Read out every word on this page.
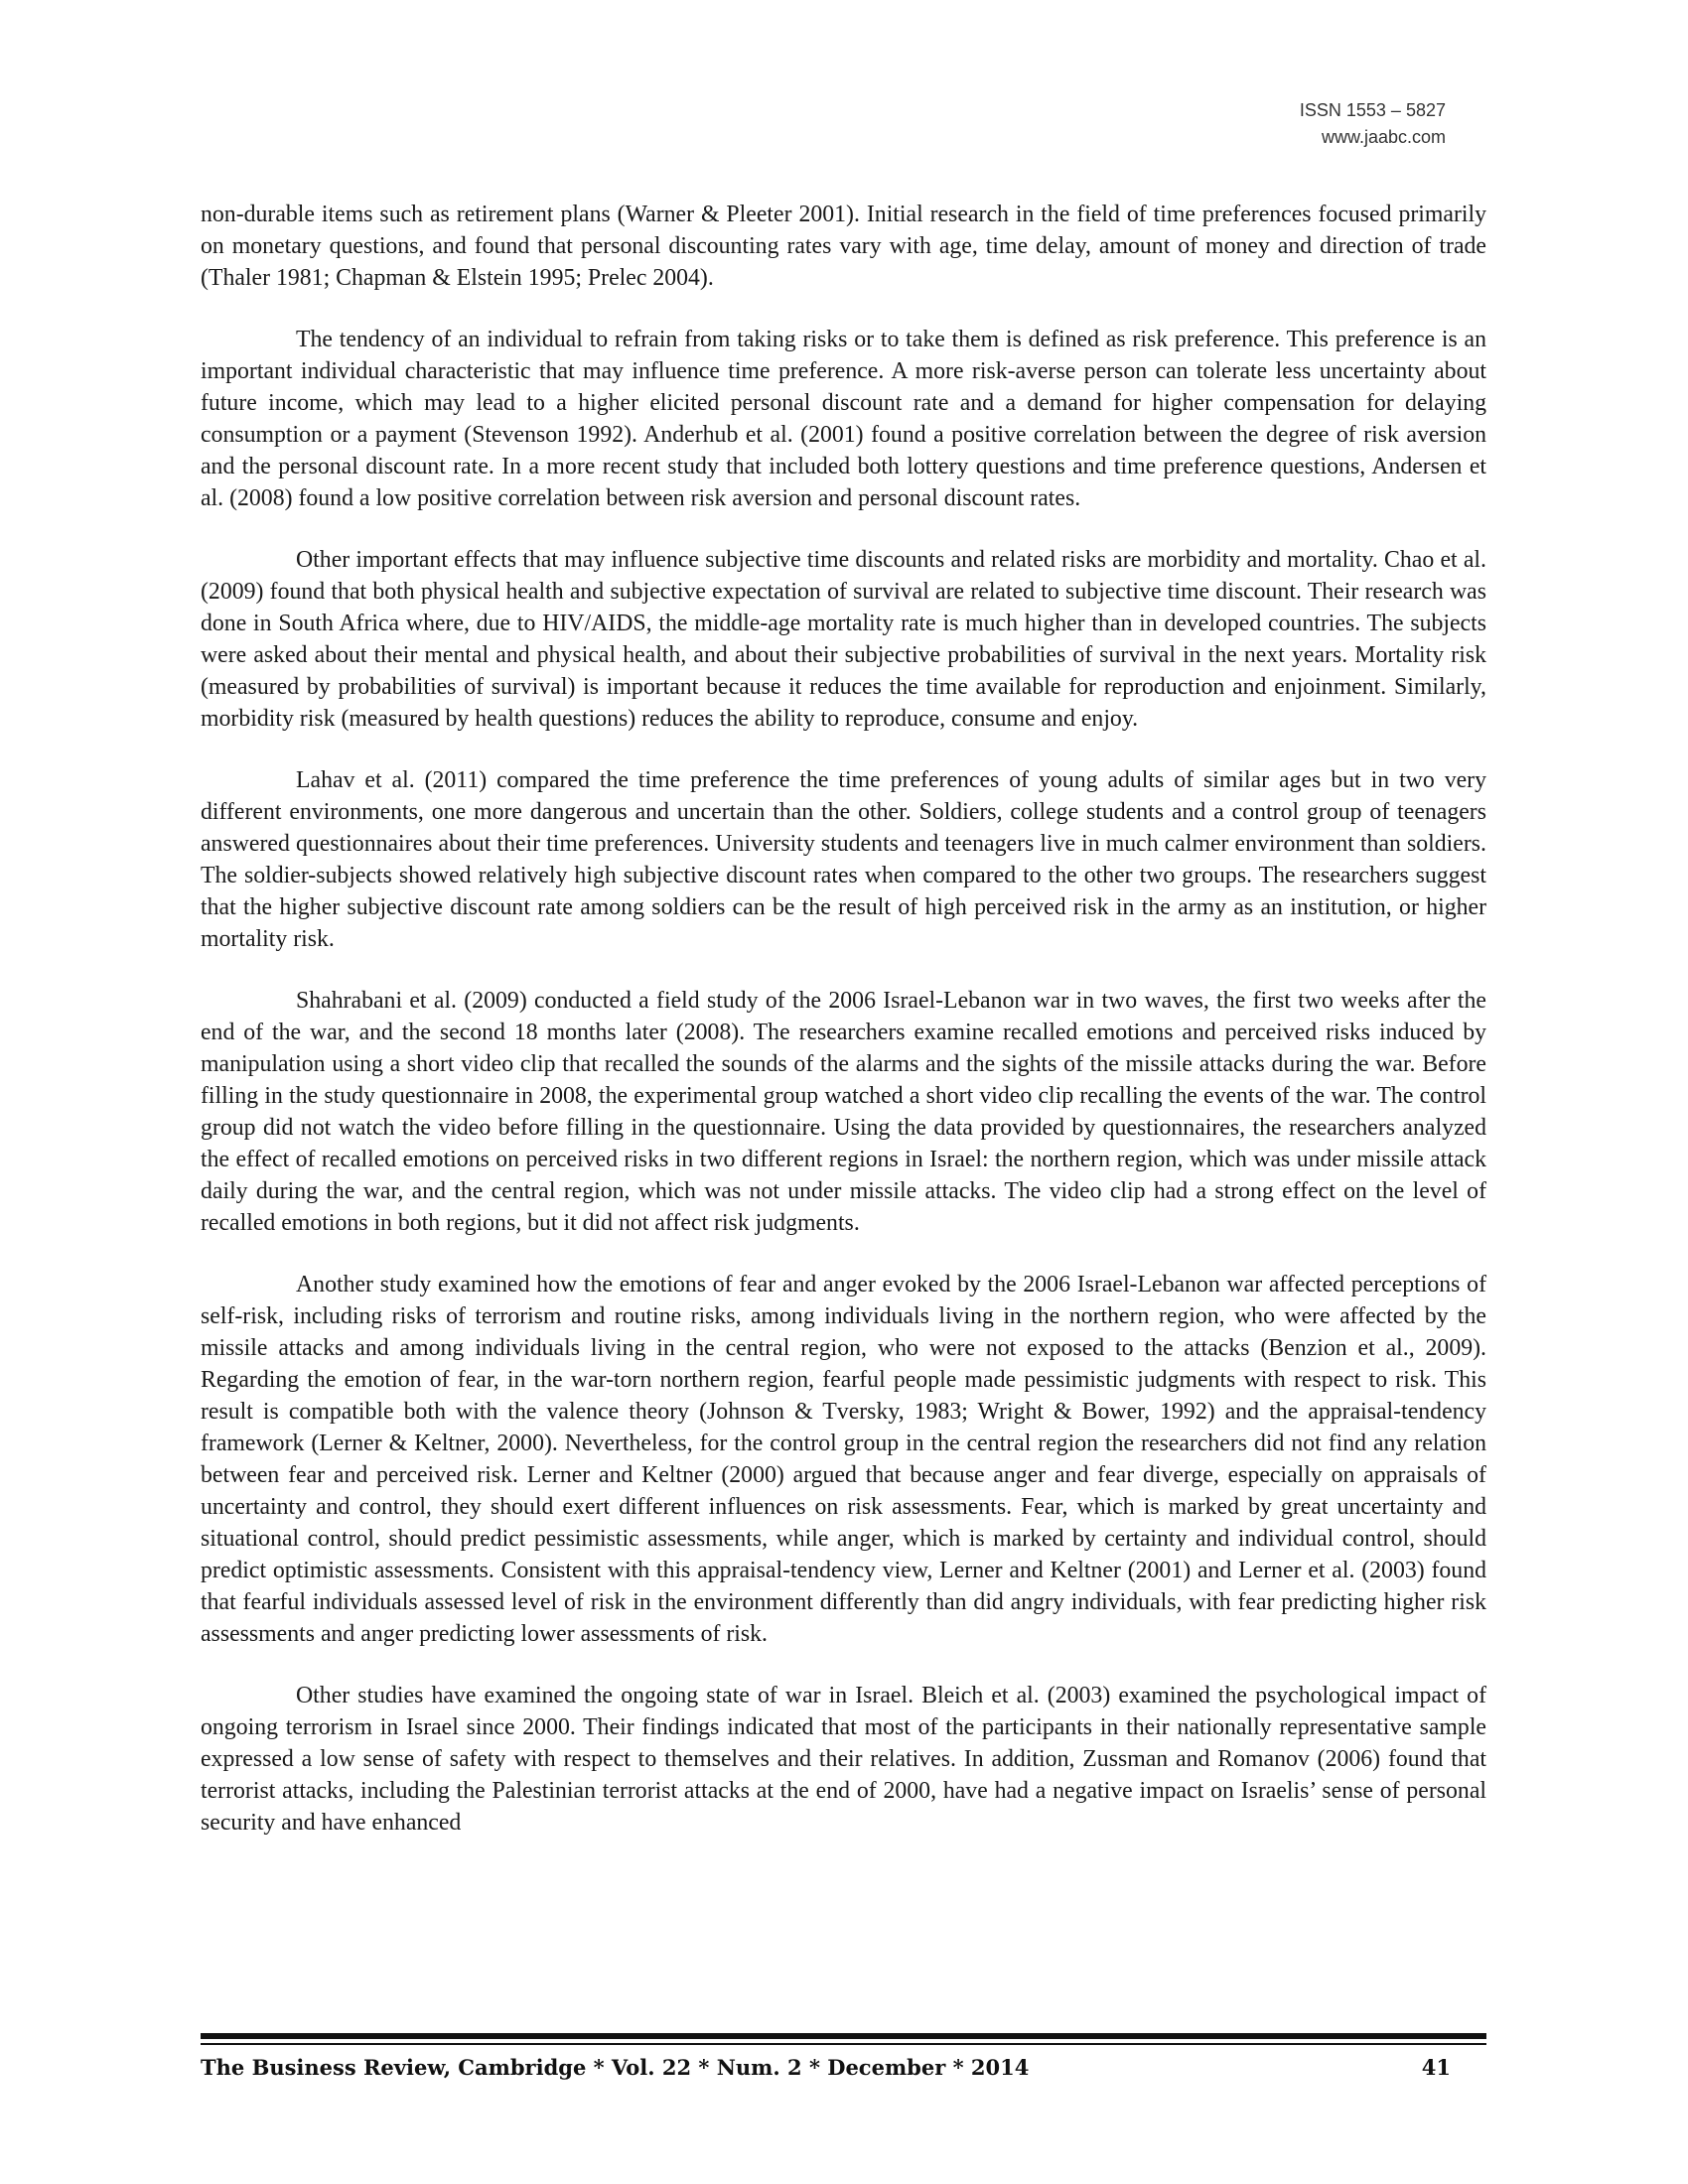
ISSN 1553 – 5827
www.jaabc.com

non-durable items such as retirement plans (Warner & Pleeter 2001). Initial research in the field of time preferences focused primarily on monetary questions, and found that personal discounting rates vary with age, time delay, amount of money and direction of trade (Thaler 1981; Chapman & Elstein 1995; Prelec 2004).

The tendency of an individual to refrain from taking risks or to take them is defined as risk preference. This preference is an important individual characteristic that may influence time preference. A more risk-averse person can tolerate less uncertainty about future income, which may lead to a higher elicited personal discount rate and a demand for higher compensation for delaying consumption or a payment (Stevenson 1992). Anderhub et al. (2001) found a positive correlation between the degree of risk aversion and the personal discount rate. In a more recent study that included both lottery questions and time preference questions, Andersen et al. (2008) found a low positive correlation between risk aversion and personal discount rates.

Other important effects that may influence subjective time discounts and related risks are morbidity and mortality. Chao et al. (2009) found that both physical health and subjective expectation of survival are related to subjective time discount. Their research was done in South Africa where, due to HIV/AIDS, the middle-age mortality rate is much higher than in developed countries. The subjects were asked about their mental and physical health, and about their subjective probabilities of survival in the next years. Mortality risk (measured by probabilities of survival) is important because it reduces the time available for reproduction and enjoinment. Similarly, morbidity risk (measured by health questions) reduces the ability to reproduce, consume and enjoy.

Lahav et al. (2011) compared the time preference the time preferences of young adults of similar ages but in two very different environments, one more dangerous and uncertain than the other. Soldiers, college students and a control group of teenagers answered questionnaires about their time preferences. University students and teenagers live in much calmer environment than soldiers. The soldier-subjects showed relatively high subjective discount rates when compared to the other two groups. The researchers suggest that the higher subjective discount rate among soldiers can be the result of high perceived risk in the army as an institution, or higher mortality risk.

Shahrabani et al. (2009) conducted a field study of the 2006 Israel-Lebanon war in two waves, the first two weeks after the end of the war, and the second 18 months later (2008). The researchers examine recalled emotions and perceived risks induced by manipulation using a short video clip that recalled the sounds of the alarms and the sights of the missile attacks during the war. Before filling in the study questionnaire in 2008, the experimental group watched a short video clip recalling the events of the war. The control group did not watch the video before filling in the questionnaire. Using the data provided by questionnaires, the researchers analyzed the effect of recalled emotions on perceived risks in two different regions in Israel: the northern region, which was under missile attack daily during the war, and the central region, which was not under missile attacks. The video clip had a strong effect on the level of recalled emotions in both regions, but it did not affect risk judgments.

Another study examined how the emotions of fear and anger evoked by the 2006 Israel-Lebanon war affected perceptions of self-risk, including risks of terrorism and routine risks, among individuals living in the northern region, who were affected by the missile attacks and among individuals living in the central region, who were not exposed to the attacks (Benzion et al., 2009). Regarding the emotion of fear, in the war-torn northern region, fearful people made pessimistic judgments with respect to risk. This result is compatible both with the valence theory (Johnson & Tversky, 1983; Wright & Bower, 1992) and the appraisal-tendency framework (Lerner & Keltner, 2000). Nevertheless, for the control group in the central region the researchers did not find any relation between fear and perceived risk. Lerner and Keltner (2000) argued that because anger and fear diverge, especially on appraisals of uncertainty and control, they should exert different influences on risk assessments. Fear, which is marked by great uncertainty and situational control, should predict pessimistic assessments, while anger, which is marked by certainty and individual control, should predict optimistic assessments. Consistent with this appraisal-tendency view, Lerner and Keltner (2001) and Lerner et al. (2003) found that fearful individuals assessed level of risk in the environment differently than did angry individuals, with fear predicting higher risk assessments and anger predicting lower assessments of risk.

Other studies have examined the ongoing state of war in Israel. Bleich et al. (2003) examined the psychological impact of ongoing terrorism in Israel since 2000. Their findings indicated that most of the participants in their nationally representative sample expressed a low sense of safety with respect to themselves and their relatives. In addition, Zussman and Romanov (2006) found that terrorist attacks, including the Palestinian terrorist attacks at the end of 2000, have had a negative impact on Israelis’ sense of personal security and have enhanced

The Business Review, Cambridge * Vol. 22 * Num. 2 * December * 2014	41
